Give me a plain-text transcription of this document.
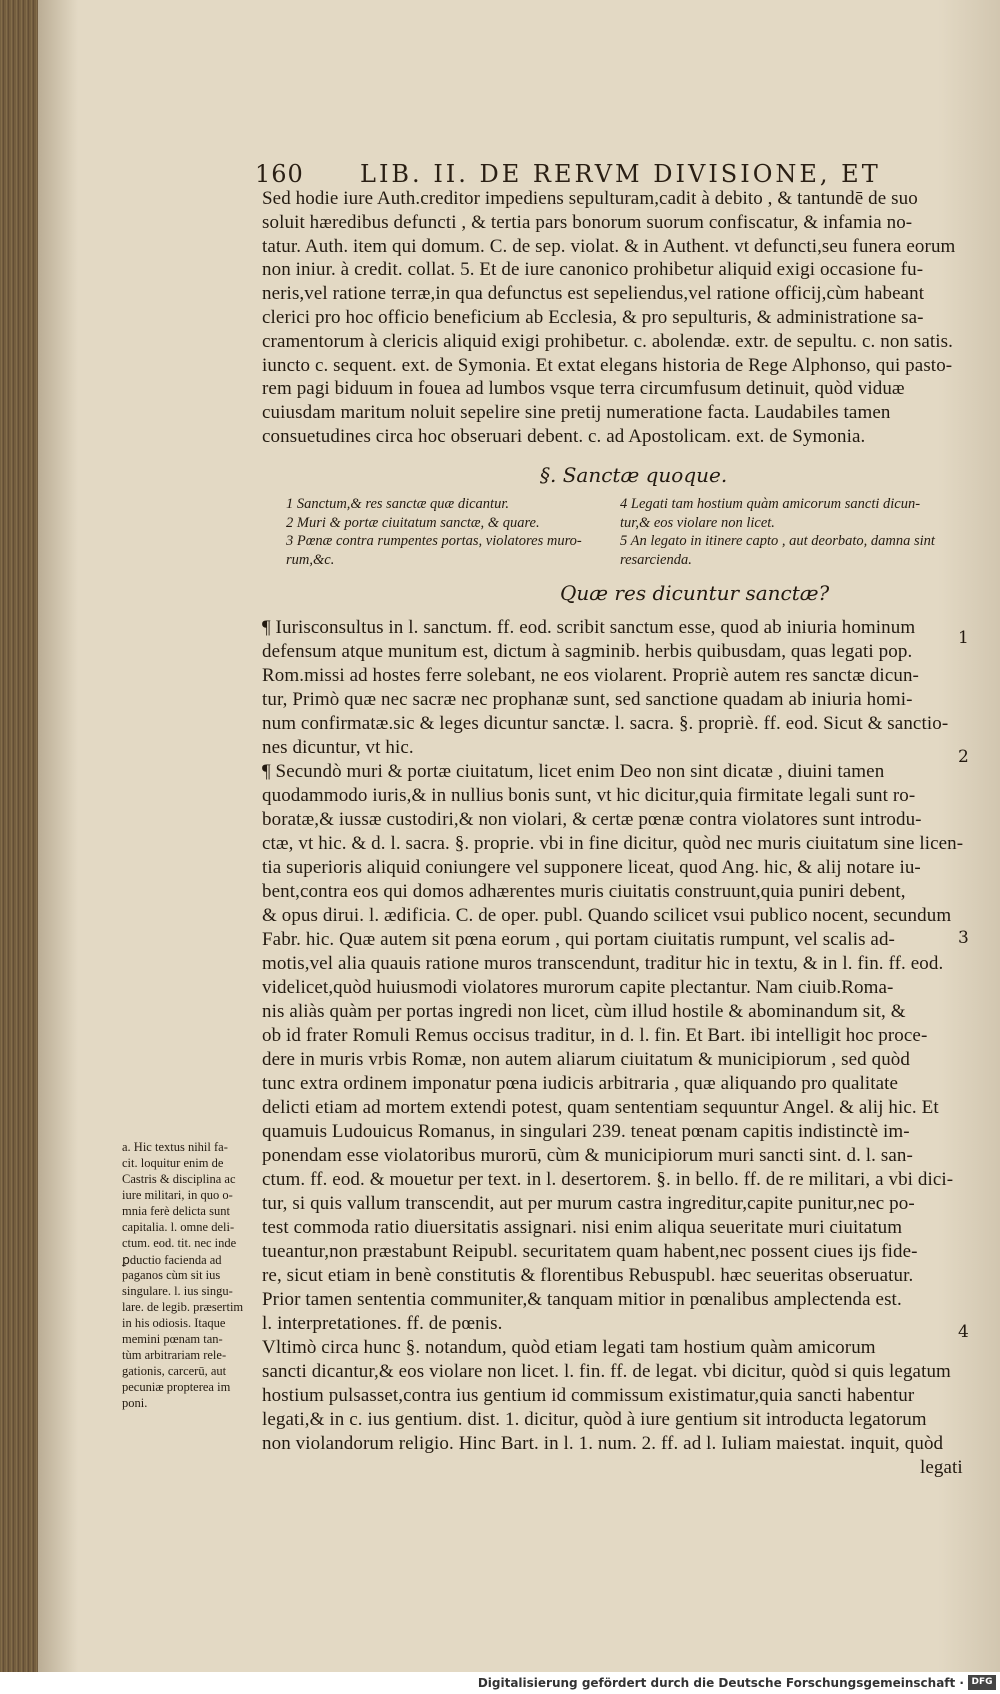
160 LIB. II. DE RERVM DIVISIONE, ET
Sed hodie iure Auth.creditor impediens sepulturam,cadit à debito , & tantundē de suo
soluit hæredibus defuncti , & tertia pars bonorum suorum confiscatur, & infamia no-
tatur. Auth. item qui domum. C. de sep. violat. & in Authent. vt defuncti,seu funera eorum
non iniur. à credit. collat. 5. Et de iure canonico prohibetur aliquid exigi occasione fu-
neris,vel ratione terræ,in qua defunctus est sepeliendus,vel ratione officij,cùm habeant
clerici pro hoc officio beneficium ab Ecclesia, & pro sepulturis, & administratione sa-
cramentorum à clericis aliquid exigi prohibetur. c. abolendæ. extr. de sepultu. c. non satis.
iuncto c. sequent. ext. de Symonia. Et extat elegans historia de Rege Alphonso, qui pasto-
rem pagi biduum in fouea ad lumbos vsque terra circumfusum detinuit, quòd viduæ
cuiusdam maritum noluit sepelire sine pretij numeratione facta. Laudabiles tamen
consuetudines circa hoc obseruari debent. c. ad Apostolicam. ext. de Symonia.
§. Sanctæ quoque.
1 Sanctum,& res sanctæ quæ dicantur.
2 Muri & portæ ciuitatum sanctæ, & quare.
3 Pœnæ contra rumpentes portas, violatores muro-
rum,&c.
4 Legati tam hostium quàm amicorum sancti dicun-
tur,& eos violare non licet.
5 An legato in itinere capto , aut deorbato, damna sint
resarcienda.
Quæ res dicuntur sanctæ?
¶ Iurisconsultus in l. sanctum. ff. eod. scribit sanctum esse, quod ab iniuria hominum
defensum atque munitum est, dictum à sagminib. herbis quibusdam, quas legati pop.
Rom.missi ad hostes ferre solebant, ne eos violarent. Propriè autem res sanctæ dicun-
tur, Primò quæ nec sacræ nec prophanæ sunt, sed sanctione quadam ab iniuria homi-
num confirmatæ.sic & leges dicuntur sanctæ. l. sacra. §. propriè. ff. eod. Sicut & sanctio-
nes dicuntur, vt hic.
¶ Secundò muri & portæ ciuitatum, licet enim Deo non sint dicatæ , diuini tamen
quodammodo iuris,& in nullius bonis sunt, vt hic dicitur,quia firmitate legali sunt ro-
boratæ,& iussæ custodiri,& non violari, & certæ pœnæ contra violatores sunt introdu-
ctæ, vt hic. & d. l. sacra. §. proprie. vbi in fine dicitur, quòd nec muris ciuitatum sine licen-
tia superioris aliquid coniungere vel supponere liceat, quod Ang. hic, & alij notare iu-
bent,contra eos qui domos adhærentes muris ciuitatis construunt,quia puniri debent,
& opus dirui. l. ædificia. C. de oper. publ. Quando scilicet vsui publico nocent, secundum
Fabr. hic. Quæ autem sit pœna eorum , qui portam ciuitatis rumpunt, vel scalis ad-
motis,vel alia quauis ratione muros transcendunt, traditur hic in textu, & in l. fin. ff. eod.
videlicet,quòd huiusmodi violatores murorum capite plectantur. Nam ciuib.Roma-
nis aliàs quàm per portas ingredi non licet, cùm illud hostile & abominandum sit, &
ob id frater Romuli Remus occisus traditur, in d. l. fin. Et Bart. ibi intelligit hoc proce-
dere in muris vrbis Romæ, non autem aliarum ciuitatum & municipiorum , sed quòd
tunc extra ordinem imponatur pœna iudicis arbitraria , quæ aliquando pro qualitate
delicti etiam ad mortem extendi potest, quam sententiam sequuntur Angel. & alij hic. Et
quamuis Ludouicus Romanus, in singulari 239. teneat pœnam capitis indistinctè im-
ponendam esse violatoribus murorū, cùm & municipiorum muri sancti sint. d. l. san-
ctum. ff. eod. & mouetur per text. in l. desertorem. §. in bello. ff. de re militari, a vbi dici-
tur, si quis vallum transcendit, aut per murum castra ingreditur,capite punitur,nec po-
test commoda ratio diuersitatis assignari. nisi enim aliqua seueritate muri ciuitatum
tueantur,non præstabunt Reipubl. securitatem quam habent,nec possent ciues ijs fide-
re, sicut etiam in benè constitutis & florentibus Rebuspubl. hæc seueritas obseruatur.
Prior tamen sententia communiter,& tanquam mitior in pœnalibus amplectenda est.
l. interpretationes. ff. de pœnis.
Vltimò circa hunc §. notandum, quòd etiam legati tam hostium quàm amicorum
sancti dicantur,& eos violare non licet. l. fin. ff. de legat. vbi dicitur, quòd si quis legatum
hostium pulsasset,contra ius gentium id commissum existimatur,quia sancti habentur
legati,& in c. ius gentium. dist. 1. dicitur, quòd à iure gentium sit introducta legatorum
non violandorum religio. Hinc Bart. in l. 1. num. 2. ff. ad l. Iuliam maiestat. inquit, quòd
legati
1
2
3
4
a. Hic textus nihil fa-
cit. loquitur enim de
Castris & disciplina ac
iure militari, in quo o-
mnia ferè delicta sunt
capitalia. l. omne deli-
ctum. eod. tit. nec inde
ꝑductio facienda ad
paganos cùm sit ius
singulare. l. ius singu-
lare. de legib. præsertim
in his odiosis. Itaque
memini pœnam tan-
tùm arbitrariam rele-
gationis, carcerū, aut
pecuniæ propterea im
poni.
Digitalisierung gefördert durch die Deutsche Forschungsgemeinschaft · DFG
